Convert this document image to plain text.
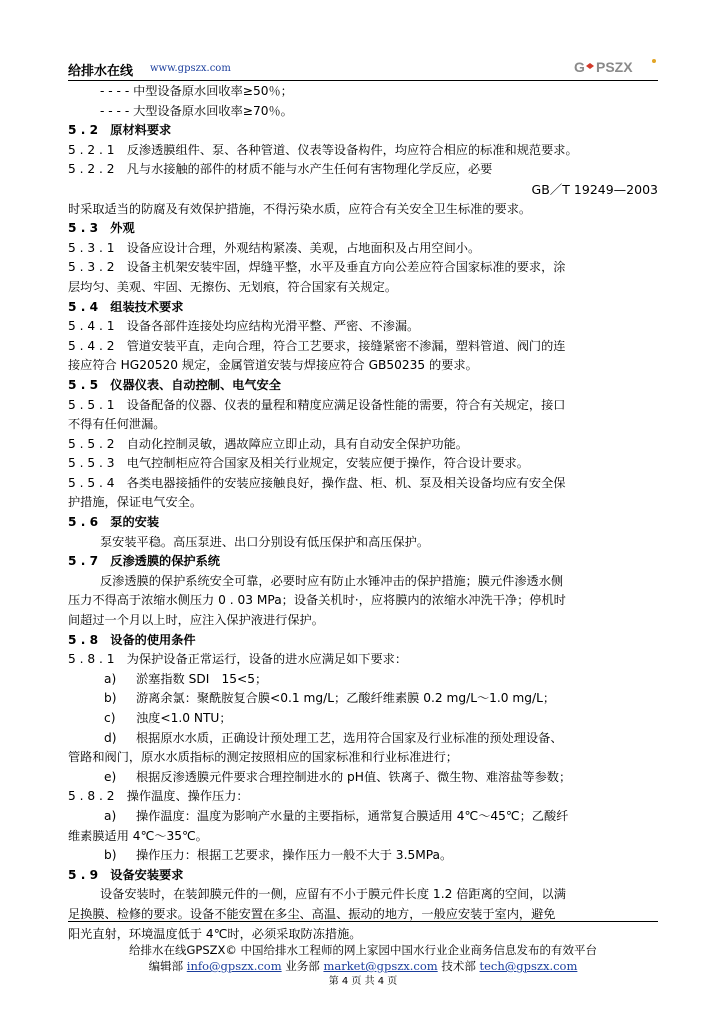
给排水在线 www.gpszx.com	G PSZX
- - - - 中型设备原水回收率≥50％；
- - - - 大型设备原水回收率≥70％。
5 . 2　原材料要求
5 . 2 . 1　反渗透膜组件、泵、各种管道、仪表等设备构件，均应符合相应的标准和规范要求。
5 . 2 . 2　凡与水接触的部件的材质不能与水产生任何有害物理化学反应，必要
GB／T 19249—2003
时采取适当的防腐及有效保护措施，不得污染水质，应符合有关安全卫生标准的要求。
5 . 3　外观
5 . 3 . 1　设备应设计合理，外观结构紧凑、美观，占地面积及占用空间小。
5 . 3 . 2　设备主机架安装牢固，焊缝平整，水平及垂直方向公差应符合国家标准的要求，涂
层均匀、美观、牢固、无擦伤、无划痕，符合国家有关规定。
5 . 4　组装技术要求
5 . 4 . 1　设备各部件连接处均应结构光滑平整、严密、不渗漏。
5 . 4 . 2　管道安装平直，走向合理，符合工艺要求，接缝紧密不渗漏，塑料管道、阀门的连
接应符合 HG20520 规定，金属管道安装与焊接应符合 GB50235 的要求。
5 . 5　仪器仪表、自动控制、电气安全
5 . 5 . 1　设备配备的仪器、仪表的量程和精度应满足设备性能的需要，符合有关规定，接口
不得有任何泄漏。
5 . 5 . 2　自动化控制灵敏，遇故障应立即止动，具有自动安全保护功能。
5 . 5 . 3　电气控制柜应符合国家及相关行业规定，安装应便于操作，符合设计要求。
5 . 5 . 4　各类电器接插件的安装应接触良好，操作盘、柜、机、泵及相关设备均应有安全保
护措施，保证电气安全。
5 . 6　泵的安装
泵安装平稳。高压泵进、出口分别设有低压保护和高压保护。
5 . 7　反渗透膜的保护系统
反渗透膜的保护系统安全可靠，必要时应有防止水锤冲击的保护措施；膜元件渗透水侧
压力不得高于浓缩水侧压力 0 . 03 MPa；设备关机时·，应将膜内的浓缩水冲洗干净；停机时
间超过一个月以上时，应注入保护液进行保护。
5 . 8　设备的使用条件
5 . 8 . 1　为保护设备正常运行，设备的进水应满足如下要求：
a) 淤塞指数 SDI　15<5；
b) 游离余氯：聚酰胺复合膜<0.1 mg/L；乙酸纤维素膜 0.2 mg/L～1.0 mg/L；
c) 浊度<1.0 NTU；
d) 根据原水水质，正确设计预处理工艺，选用符合国家及行业标准的预处理设备、
管路和阀门，原水水质指标的测定按照相应的国家标准和行业标准进行；
e) 根据反渗透膜元件要求合理控制进水的 pH值、铁离子、微生物、难溶盐等参数；
5 . 8 . 2　操作温度、操作压力：
a) 操作温度：温度为影响产水量的主要指标，通常复合膜适用 4℃～45℃；乙酸纤
维素膜适用 4℃～35℃。
b) 操作压力：根据工艺要求，操作压力一般不大于 3.5MPa。
5 . 9　设备安装要求
设备安装时，在装卸膜元件的一侧，应留有不小于膜元件长度 1.2 倍距离的空间，以满
足换膜、检修的要求。设备不能安置在多尘、高温、振动的地方，一般应安装于室内，避免
阳光直射，环境温度低于 4℃时，必须采取防冻措施。
给排水在线GPSZX© 中国给排水工程师的网上家园中国水行业企业商务信息发布的有效平台
编辑部 info@gpszx.com 业务部 market@gpszx.com 技术部 tech@gpszx.com
第 4 页 共 4 页
